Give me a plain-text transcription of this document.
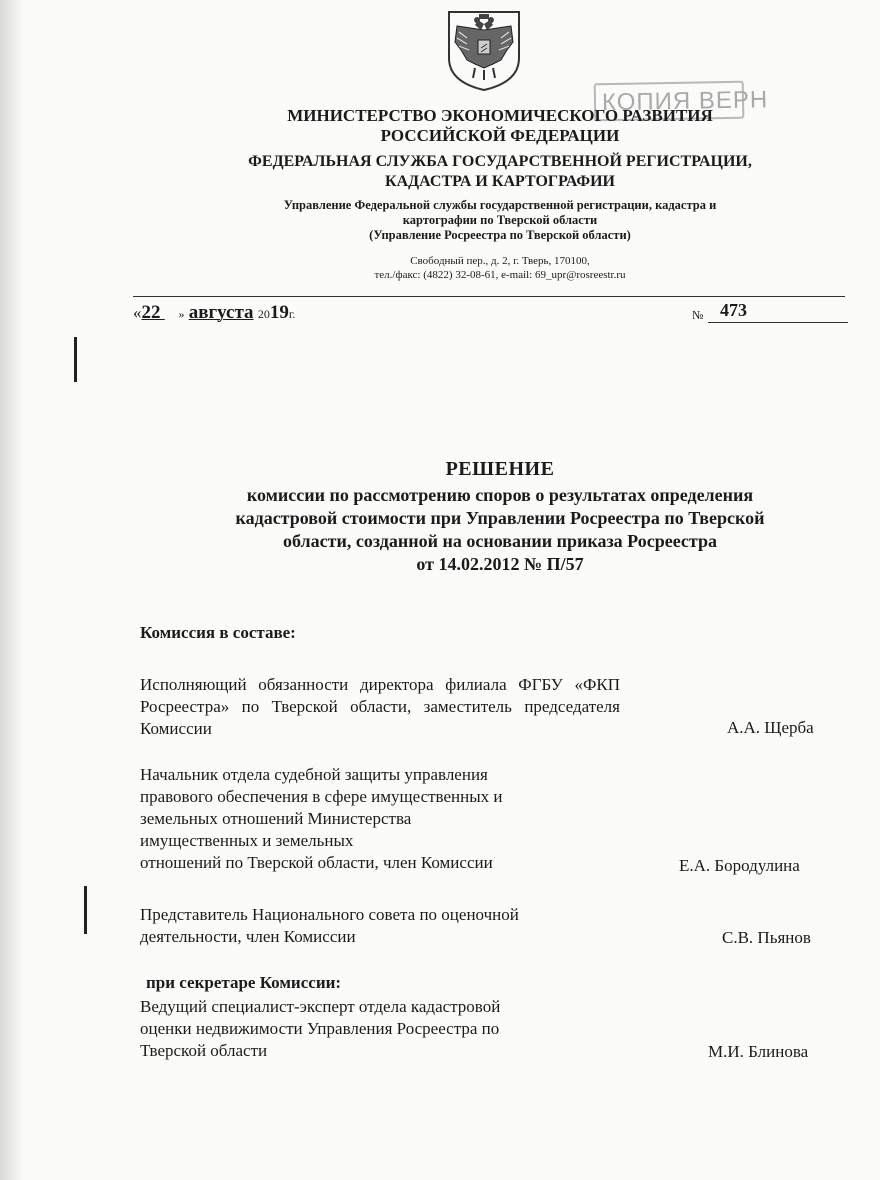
КОПИЯ ВЕРН
МИНИСТЕРСТВО ЭКОНОМИЧЕСКОГО РАЗВИТИЯ
РОССИЙСКОЙ ФЕДЕРАЦИИ
ФЕДЕРАЛЬНАЯ СЛУЖБА ГОСУДАРСТВЕННОЙ РЕГИСТРАЦИИ,
КАДАСТРА И КАРТОГРАФИИ
Управление Федеральной службы государственной регистрации, кадастра и
картографии по Тверской области
(Управление Росреестра по Тверской области)
Свободный пер., д. 2, г. Тверь, 170100,
тел./факс: (4822) 32-08-61, e-mail: 69_upr@rosreestr.ru
«22 » августа 2019г.	№ 473
РЕШЕНИЕ
комиссии по рассмотрению споров о результатах определения
кадастровой стоимости при Управлении Росреестра по Тверской
области, созданной на основании приказа Росреестра
от 14.02.2012 № П/57
Комиссия в составе:
Исполняющий обязанности директора филиала ФГБУ «ФКП Росреестра» по Тверской области, заместитель председателя Комиссии	А.А. Щерба
Начальник отдела судебной защиты управления
правового обеспечения в сфере имущественных и
земельных отношений Министерства
имущественных и земельных
отношений по Тверской области, член Комиссии	Е.А. Бородулина
Представитель Национального совета по оценочной
деятельности, член Комиссии	С.В. Пьянов
при секретаре Комиссии:
Ведущий специалист-эксперт отдела кадастровой
оценки недвижимости Управления Росреестра по
Тверской области	М.И. Блинова
